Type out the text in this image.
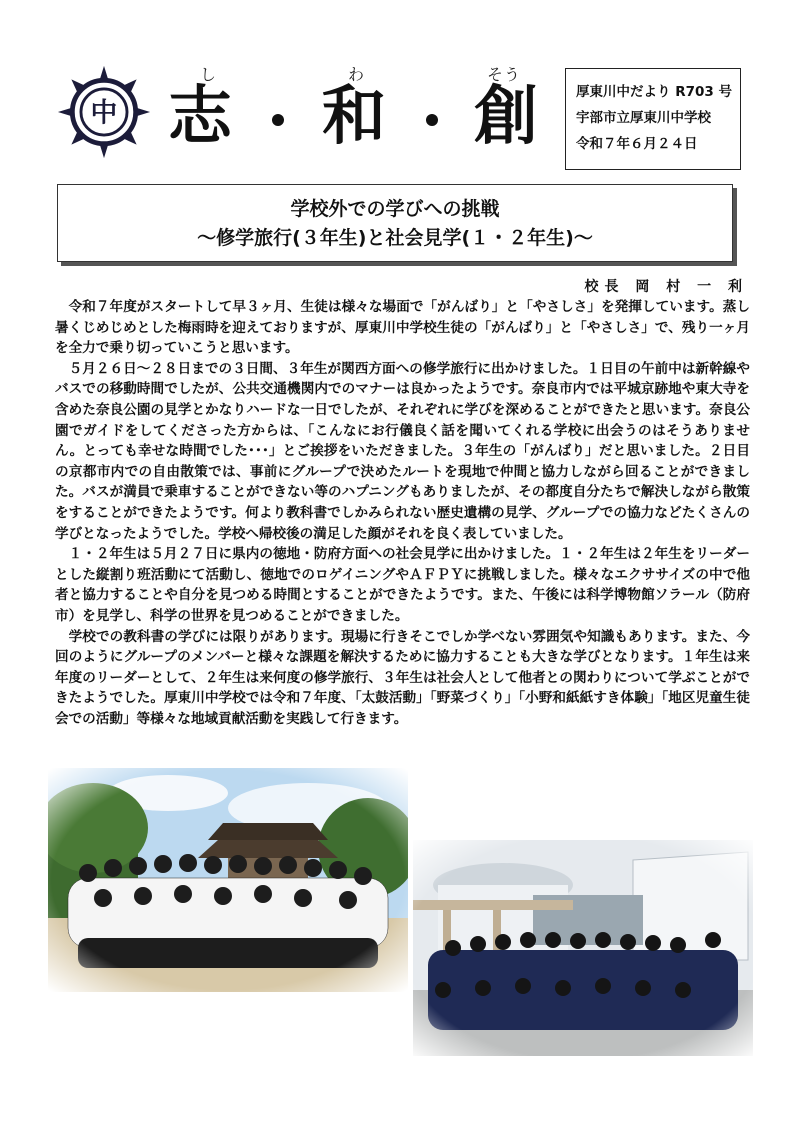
中
し	わ	そう
志 和 創	厚東川中だより R703 号
宇部市立厚東川中学校
令和７年６月２４日
学校外での学びへの挑戦
～修学旅行(３年生)と社会見学(１・２年生)～
校長 岡 村 一 利

令和７年度がスタートして早３ヶ月、生徒は様々な場面で「がんばり」と「やさしさ」を発揮しています。蒸し暑くじめじめとした梅雨時を迎えておりますが、厚東川中学校生徒の「がんばり」と「やさしさ」で、残り一ヶ月を全力で乗り切っていこうと思います。

５月２６日～２８日までの３日間、３年生が関西方面への修学旅行に出かけました。１日目の午前中は新幹線やバスでの移動時間でしたが、公共交通機関内でのマナーは良かったようです。奈良市内では平城京跡地や東大寺を含めた奈良公園の見学とかなりハードな一日でしたが、それぞれに学びを深めることができたと思います。奈良公園でガイドをしてくださった方からは、「こんなにお行儀良く話を聞いてくれる学校に出会うのはそうありません。とっても幸せな時間でした･･･」とご挨拶をいただきました。３年生の「がんばり」だと思いました。２日目の京都市内での自由散策では、事前にグループで決めたルートを現地で仲間と協力しながら回ることができました。バスが満員で乗車することができない等のハプニングもありましたが、その都度自分たちで解決しながら散策をすることができたようです。何より教科書でしかみられない歴史遺構の見学、グループでの協力などたくさんの学びとなったようでした。学校へ帰校後の満足した顔がそれを良く表していました。

１・２年生は５月２７日に県内の徳地・防府方面への社会見学に出かけました。１・２年生は２年生をリーダーとした縦割り班活動にて活動し、徳地でのロゲイニングやＡＦＰＹに挑戦しました。様々なエクササイズの中で他者と協力することや自分を見つめる時間とすることができたようです。また、午後には科学博物館ソラール（防府市）を見学し、科学の世界を見つめることができました。

学校での教科書の学びには限りがあります。現場に行きそこでしか学べない雰囲気や知識もあります。また、今回のようにグループのメンバーと様々な課題を解決するために協力することも大きな学びとなります。１年生は来年度のリーダーとして、２年生は来何度の修学旅行、３年生は社会人として他者との関わりについて学ぶことができたようでした。厚東川中学校では令和７年度、「太鼓活動」「野菜づくり」「小野和紙紙すき体験」「地区児童生徒会での活動」等様々な地域貢献活動を実践して行きます。
